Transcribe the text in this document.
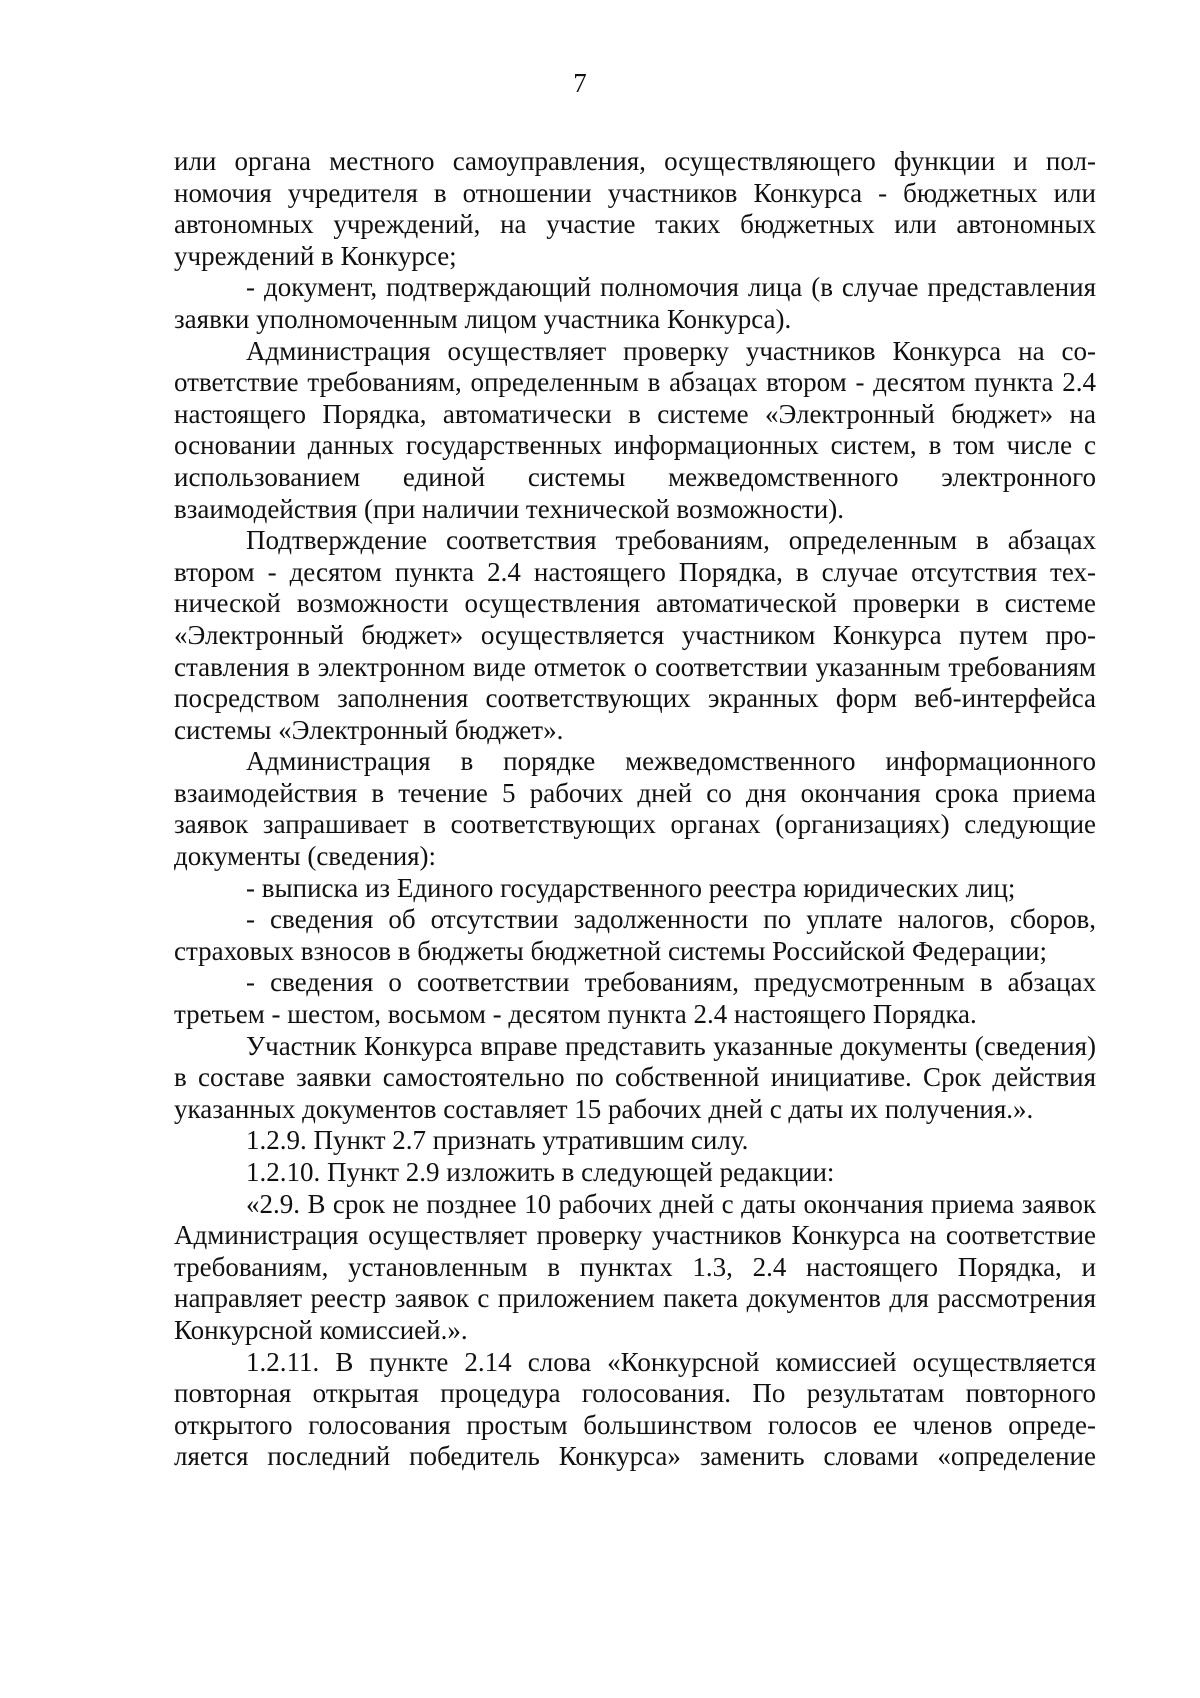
7

или органа местного самоуправления, осуществляющего функции и полномочия учредителя в отношении участников Конкурса - бюджетных или автономных учреждений, на участие таких бюджетных или автономных учреждений в Конкурсе;

- документ, подтверждающий полномочия лица (в случае представления заявки уполномоченным лицом участника Конкурса).

Администрация осуществляет проверку участников Конкурса на соответствие требованиям, определенным в абзацах втором - десятом пункта 2.4 настоящего Порядка, автоматически в системе «Электронный бюджет» на основании данных государственных информационных систем, в том числе с использованием единой системы межведомственного электронного взаимодействия (при наличии технической возможности).

Подтверждение соответствия требованиям, определенным в абзацах втором - десятом пункта 2.4 настоящего Порядка, в случае отсутствия технической возможности осуществления автоматической проверки в системе «Электронный бюджет» осуществляется участником Конкурса путем проставления в электронном виде отметок о соответствии указанным требованиям посредством заполнения соответствующих экранных форм веб-интерфейса системы «Электронный бюджет».

Администрация в порядке межведомственного информационного взаимодействия в течение 5 рабочих дней со дня окончания срока приема заявок запрашивает в соответствующих органах (организациях) следующие документы (сведения):

- выписка из Единого государственного реестра юридических лиц;

- сведения об отсутствии задолженности по уплате налогов, сборов, страховых взносов в бюджеты бюджетной системы Российской Федерации;

- сведения о соответствии требованиям, предусмотренным в абзацах третьем - шестом, восьмом - десятом пункта 2.4 настоящего Порядка.

Участник Конкурса вправе представить указанные документы (сведения) в составе заявки самостоятельно по собственной инициативе. Срок действия указанных документов составляет 15 рабочих дней с даты их получения.».

1.2.9. Пункт 2.7 признать утратившим силу.

1.2.10. Пункт 2.9 изложить в следующей редакции:

«2.9. В срок не позднее 10 рабочих дней с даты окончания приема заявок Администрация осуществляет проверку участников Конкурса на соответствие требованиям, установленным в пунктах 1.3, 2.4 настоящего Порядка, и направляет реестр заявок с приложением пакета документов для рассмотрения Конкурсной комиссией.».

1.2.11. В пункте 2.14 слова «Конкурсной комиссией осуществляется повторная открытая процедура голосования. По результатам повторного открытого голосования простым большинством голосов ее членов определяется последний победитель Конкурса» заменить словами «определение
